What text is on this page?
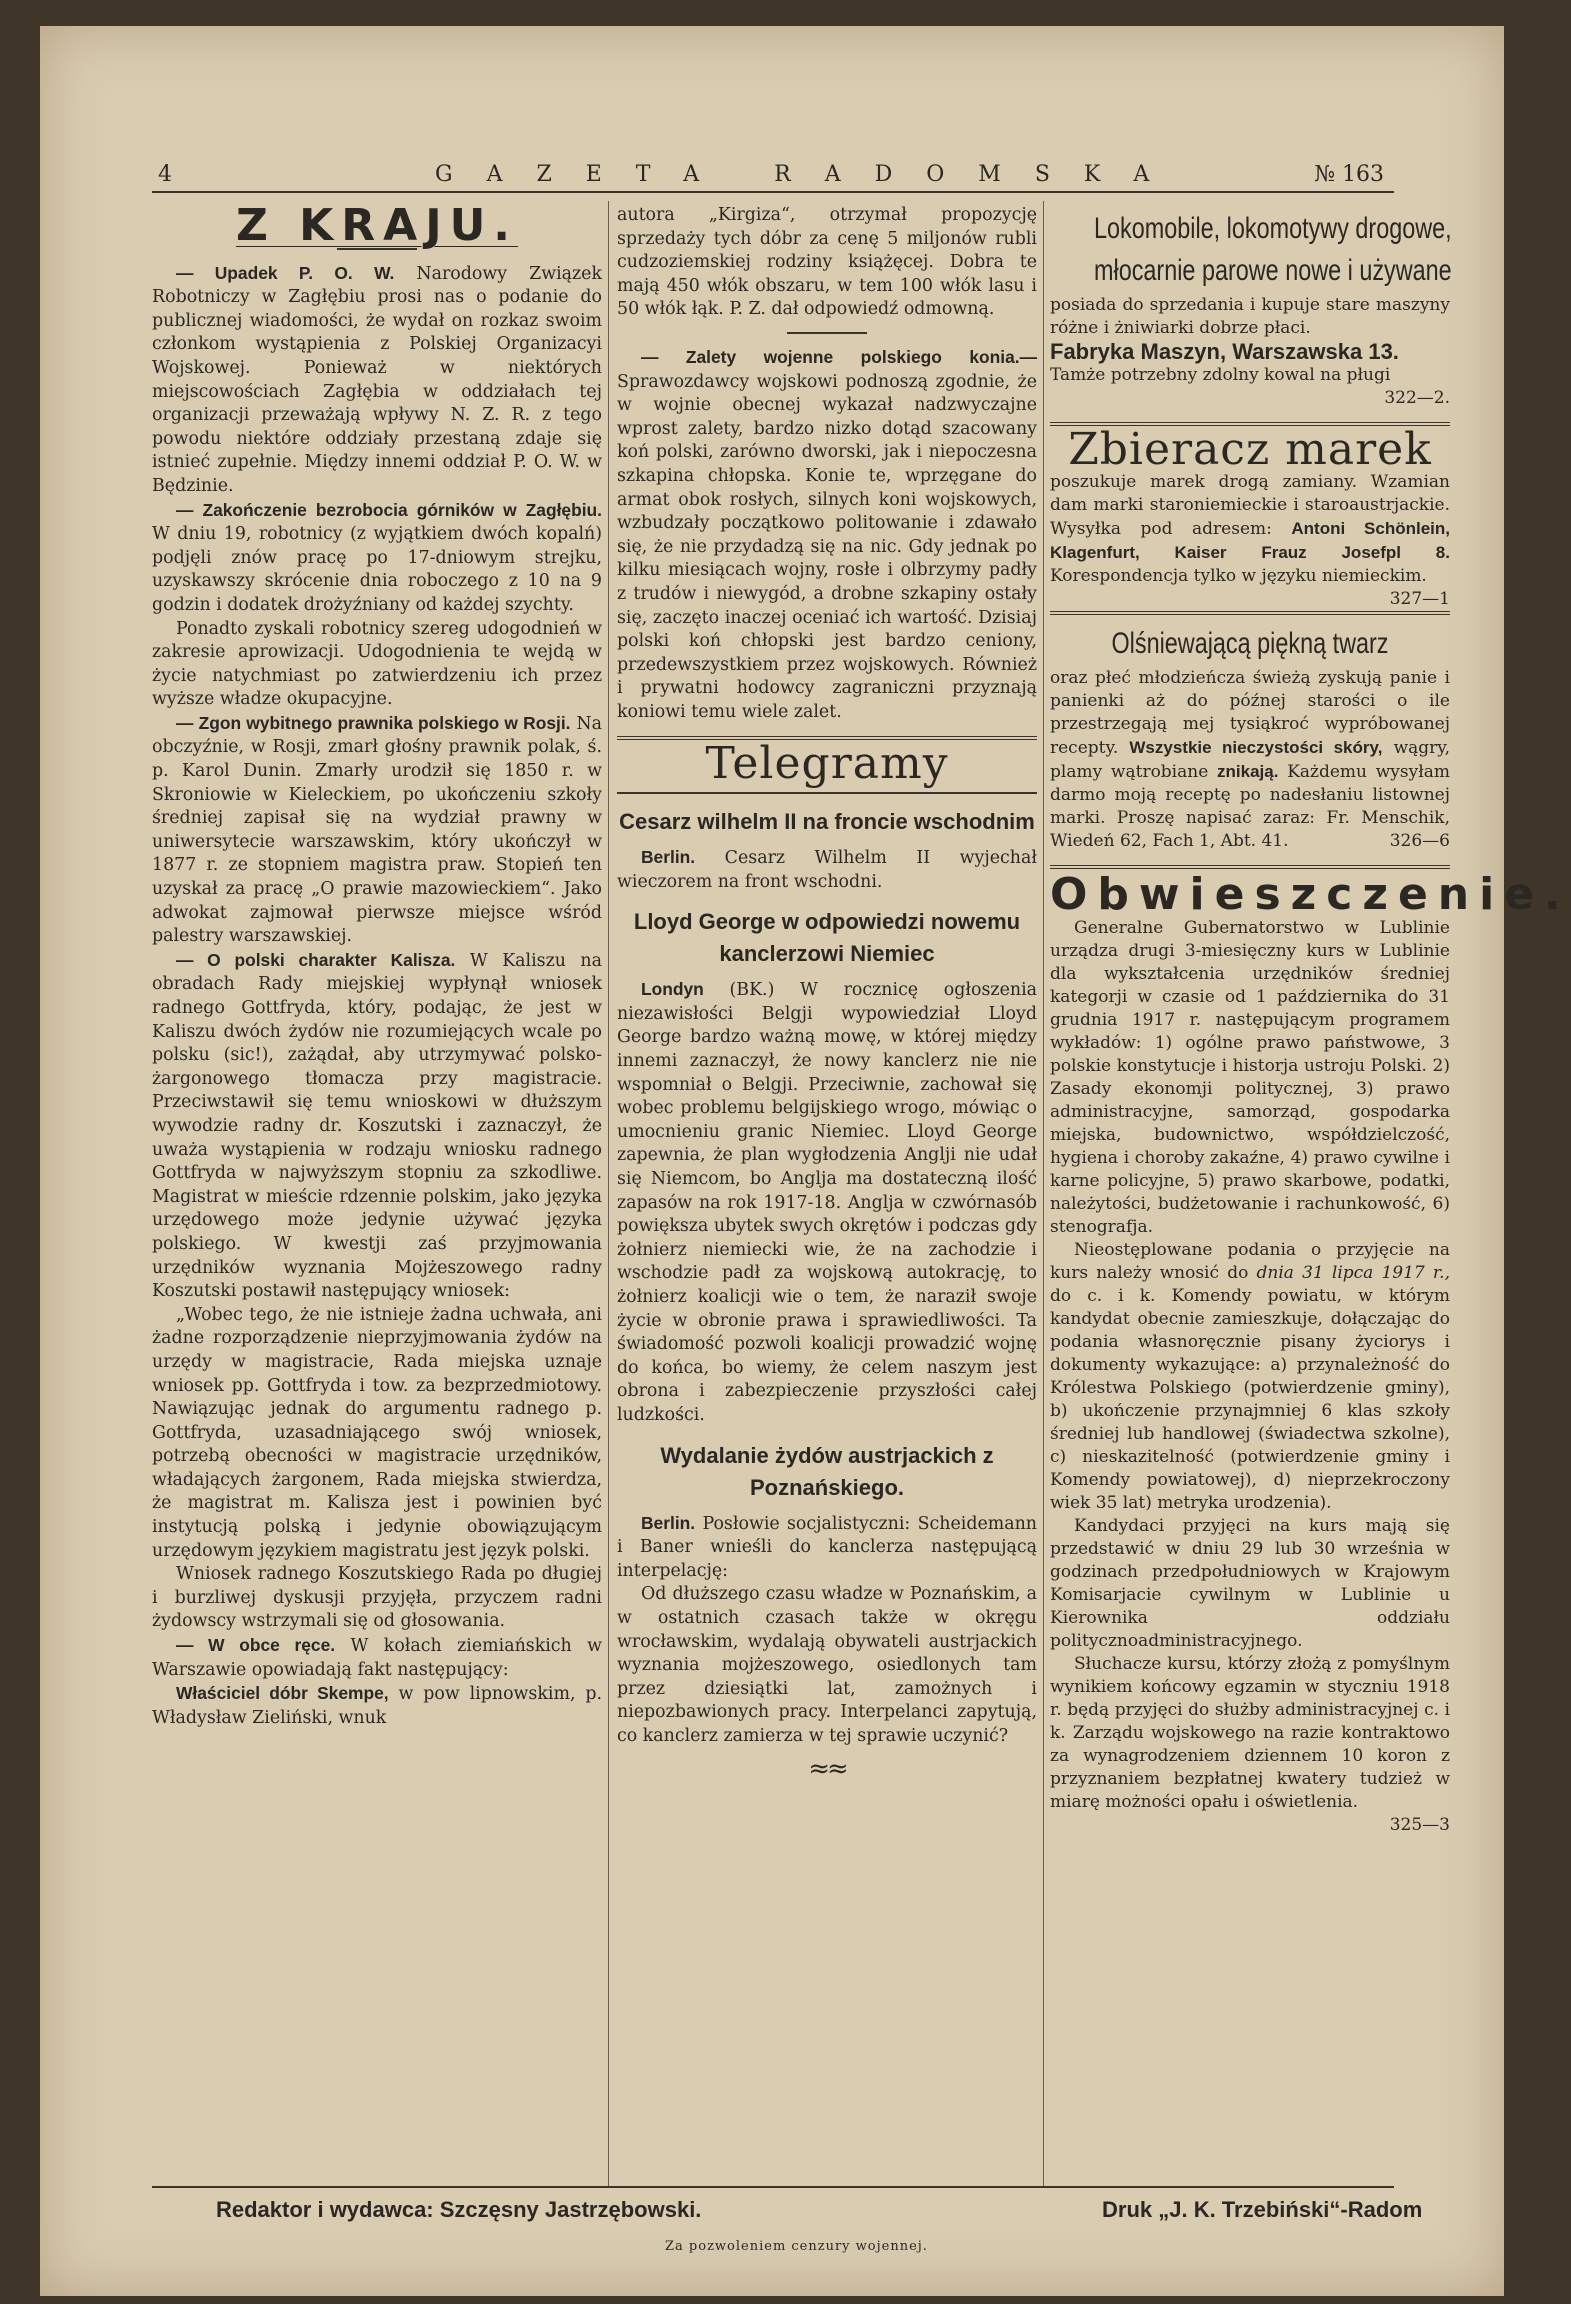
4	GAZETA RADOMSKA	№ 163
Z KRAJU.

— Upadek P. O. W. Narodowy Związek Robotniczy w Zagłębiu prosi nas o podanie do publicznej wiadomości, że wydał on rozkaz swoim członkom wystąpienia z Polskiej Organizacyi Wojskowej. Ponieważ w niektórych miejscowościach Zagłębia w oddziałach tej organizacji przeważają wpływy N. Z. R. z tego powodu niektóre oddziały przestaną zdaje się istnieć zupełnie. Między innemi oddział P. O. W. w Będzinie.

— Zakończenie bezrobocia górników w Zagłębiu. W dniu 19, robotnicy (z wyjątkiem dwóch kopalń) podjęli znów pracę po 17-dniowym strejku, uzyskawszy skrócenie dnia roboczego z 10 na 9 godzin i dodatek drożyźniany od każdej szychty.

Ponadto zyskali robotnicy szereg udogodnień w zakresie aprowizacji. Udogodnienia te wejdą w życie natychmiast po zatwierdzeniu ich przez wyższe władze okupacyjne.

— Zgon wybitnego prawnika polskiego w Rosji. Na obczyźnie, w Rosji, zmarł głośny prawnik polak, ś. p. Karol Dunin. Zmarły urodził się 1850 r. w Skroniowie w Kieleckiem, po ukończeniu szkoły średniej zapisał się na wydział prawny w uniwersytecie warszawskim, który ukończył w 1877 r. ze stopniem magistra praw. Stopień ten uzyskał za pracę „O prawie mazowieckiem“. Jako adwokat zajmował pierwsze miejsce wśród palestry warszawskiej.

— O polski charakter Kalisza. W Kaliszu na obradach Rady miejskiej wypłynął wniosek radnego Gottfryda, który, podając, że jest w Kaliszu dwóch żydów nie rozumiejących wcale po polsku (sic!), zażądał, aby utrzymywać polsko-żargonowego tłomacza przy magistracie. Przeciwstawił się temu wnioskowi w dłuższym wywodzie radny dr. Koszutski i zaznaczył, że uważa wystąpienia w rodzaju wniosku radnego Gottfryda w najwyższym stopniu za szkodliwe. Magistrat w mieście rdzennie polskim, jako języka urzędowego może jedynie używać języka polskiego. W kwestji zaś przyjmowania urzędników wyznania Mojżeszowego radny Koszutski postawił następujący wniosek:

„Wobec tego, że nie istnieje żadna uchwała, ani żadne rozporządzenie nieprzyjmowania żydów na urzędy w magistracie, Rada miejska uznaje wniosek pp. Gottfryda i tow. za bezprzedmiotowy. Nawiązując jednak do argumentu radnego p. Gottfryda, uzasadniającego swój wniosek, potrzebą obecności w magistracie urzędników, władających żargonem, Rada miejska stwierdza, że magistrat m. Kalisza jest i powinien być instytucją polską i jedynie obowiązującym urzędowym językiem magistratu jest język polski.

Wniosek radnego Koszutskiego Rada po długiej i burzliwej dyskusji przyjęła, przyczem radni żydowscy wstrzymali się od głosowania.

— W obce ręce. W kołach ziemiańskich w Warszawie opowiadają fakt następujący:

Właściciel dóbr Skempe, w pow lipnowskim, p. Władysław Zieliński, wnuk

autora „Kirgiza“, otrzymał propozycję sprzedaży tych dóbr za cenę 5 miljonów rubli cudzoziemskiej rodziny książęcej. Dobra te mają 450 włók obszaru, w tem 100 włók lasu i 50 włók łąk. P. Z. dał odpowiedź odmowną.

— Zalety wojenne polskiego konia.— Sprawozdawcy wojskowi podnoszą zgodnie, że w wojnie obecnej wykazał nadzwyczajne wprost zalety, bardzo nizko dotąd szacowany koń polski, zarówno dworski, jak i niepoczesna szkapina chłopska. Konie te, wprzęgane do armat obok rosłych, silnych koni wojskowych, wzbudzały początkowo politowanie i zdawało się, że nie przydadzą się na nic. Gdy jednak po kilku miesiącach wojny, rosłe i olbrzymy padły z trudów i niewygód, a drobne szkapiny ostały się, zaczęto inaczej oceniać ich wartość. Dzisiaj polski koń chłopski jest bardzo ceniony, przedewszystkiem przez wojskowych. Również i prywatni hodowcy zagraniczni przyznają koniowi temu wiele zalet.

Telegramy
Cesarz wilhelm II na froncie wschodnim

Berlin. Cesarz Wilhelm II wyjechał wieczorem na front wschodni.

Lloyd George w odpowiedzi nowemu kanclerzowi Niemiec

Londyn (BK.) W rocznicę ogłoszenia niezawisłości Belgji wypowiedział Lloyd George bardzo ważną mowę, w której między innemi zaznaczył, że nowy kanclerz nie nie wspomniał o Belgji. Przeciwnie, zachował się wobec problemu belgijskiego wrogo, mówiąc o umocnieniu granic Niemiec. Lloyd George zapewnia, że plan wygłodzenia Anglji nie udał się Niemcom, bo Anglja ma dostateczną ilość zapasów na rok 1917-18. Anglja w czwórnasób powiększa ubytek swych okrętów i podczas gdy żołnierz niemiecki wie, że na zachodzie i wschodzie padł za wojskową autokrację, to żołnierz koalicji wie o tem, że naraził swoje życie w obronie prawa i sprawiedliwości. Ta świadomość pozwoli koalicji prowadzić wojnę do końca, bo wiemy, że celem naszym jest obrona i zabezpieczenie przyszłości całej ludzkości.

Wydalanie żydów austrjackich z Poznańskiego.

Berlin. Posłowie socjalistyczni: Scheidemann i Baner wnieśli do kanclerza następującą interpelację:

Od dłuższego czasu władze w Poznańskim, a w ostatnich czasach także w okręgu wrocławskim, wydalają obywateli austrjackich wyznania mojżeszowego, osiedlonych tam przez dziesiątki lat, zamożnych i niepozbawionych pracy. Interpelanci zapytują, co kanclerz zamierza w tej sprawie uczynić?

≈≈
Lokomobile, lokomotywy drogowe,
młocarnie parowe nowe i używane
posiada do sprzedania i kupuje stare maszyny różne i żniwiarki dobrze płaci.
Fabryka Maszyn, Warszawska 13.
Tamże potrzebny zdolny kowal na pługi
322—2.
Zbieracz marek
poszukuje marek drogą zamiany. Wzamian dam marki staroniemieckie i staroaustrjackie. Wysyłka pod adresem: Antoni Schönlein, Klagenfurt, Kaiser Frauz Josefpl 8. Korespondencja tylko w języku niemieckim.
327—1
Olśniewającą piękną twarz
oraz płeć młodzieńcza świeżą zyskują panie i panienki aż do późnej starości o ile przestrzegają mej tysiąkroć wypróbowanej recepty. Wszystkie nieczystości skóry, wągry, plamy wątrobiane znikają. Każdemu wysyłam darmo moją receptę po nadesłaniu listownej marki. Proszę napisać zaraz: Fr. Menschik, Wiedeń 62, Fach 1, Abt. 41.	326—6
Obwieszczenie.

Generalne Gubernatorstwo w Lublinie urządza drugi 3-miesięczny kurs w Lublinie dla wykształcenia urzędników średniej kategorji w czasie od 1 października do 31 grudnia 1917 r. następującym programem wykładów: 1) ogólne prawo państwowe, 3 polskie konstytucje i historja ustroju Polski. 2) Zasady ekonomji politycznej, 3) prawo administracyjne, samorząd, gospodarka miejska, budownictwo, współdzielczość, hygiena i choroby zakaźne, 4) prawo cywilne i karne policyjne, 5) prawo skarbowe, podatki, należytości, budżetowanie i rachunkowość, 6) stenografja.

Nieostęplowane podania o przyjęcie na kurs należy wnosić do dnia 31 lipca 1917 r., do c. i k. Komendy powiatu, w którym kandydat obecnie zamieszkuje, dołączając do podania własnoręcznie pisany życiorys i dokumenty wykazujące: a) przynależność do Królestwa Polskiego (potwierdzenie gminy), b) ukończenie przynajmniej 6 klas szkoły średniej lub handlowej (świadectwa szkolne), c) nieskazitelność (potwierdzenie gminy i Komendy powiatowej), d) nieprzekroczony wiek 35 lat) metryka urodzenia).

Kandydaci przyjęci na kurs mają się przedstawić w dniu 29 lub 30 września w godzinach przedpołudniowych w Krajowym Komisarjacie cywilnym w Lublinie u Kierownika oddziału politycznoadministracyjnego.

Słuchacze kursu, którzy złożą z pomyślnym wynikiem końcowy egzamin w styczniu 1918 r. będą przyjęci do służby administracyjnej c. i k. Zarządu wojskowego na razie kontraktowo za wynagrodzeniem dziennem 10 koron z przyznaniem bezpłatnej kwatery tudzież w miarę możności opału i oświetlenia.

325—3
Redaktor i wydawca: Szczęsny Jastrzębowski.	Druk „J. K. Trzebiński“-Radom
Za pozwoleniem cenzury wojennej.
